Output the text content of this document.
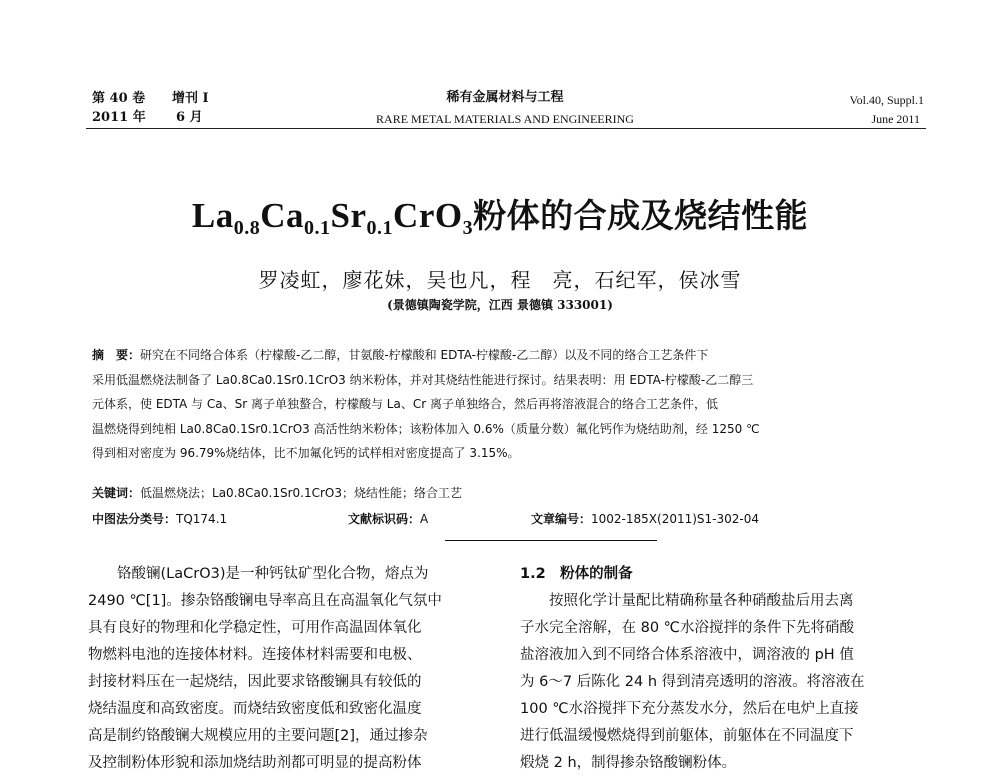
第 40 卷 增刊 I
2011 年 6 月
稀有金属材料与工程
RARE METAL MATERIALS AND ENGINEERING
Vol.40, Suppl.1
June 2011
$La_{0.8}Ca_{0.1}Sr_{0.1}CrO_3$粉体的合成及烧结性能
罗凌虹，廖花妹，吴也凡，程　亮，石纪军，侯冰雪
(景德镇陶瓷学院，江西 景德镇 333001)

摘　要：研究在不同络合体系（柠檬酸-乙二醇，甘氨酸-柠檬酸和 EDTA-柠檬酸-乙二醇）以及不同的络合工艺条件下

采用低温燃烧法制备了 La0.8Ca0.1Sr0.1CrO3 纳米粉体，并对其烧结性能进行探讨。结果表明：用 EDTA-柠檬酸-乙二醇三

元体系，使 EDTA 与 Ca、Sr 离子单独螯合，柠檬酸与 La、Cr 离子单独络合，然后再将溶液混合的络合工艺条件，低

温燃烧得到纯相 La0.8Ca0.1Sr0.1CrO3 高活性纳米粉体；该粉体加入 0.6%（质量分数）氟化钙作为烧结助剂，经 1250 ℃

得到相对密度为 96.79%烧结体，比不加氟化钙的试样相对密度提高了 3.15%。

关键词：低温燃烧法；La0.8Ca0.1Sr0.1CrO3；烧结性能；络合工艺
中图法分类号：TQ174.1	文献标识码：A	文章编号：1002-185X(2011)S1-302-04

　　铬酸镧(LaCrO3)是一种钙钛矿型化合物，熔点为

2490 ℃[1]。掺杂铬酸镧电导率高且在高温氧化气氛中

具有良好的物理和化学稳定性，可用作高温固体氧化

物燃料电池的连接体材料。连接体材料需要和电极、

封接材料压在一起烧结，因此要求铬酸镧具有较低的

烧结温度和高致密度。而烧结致密度低和致密化温度

高是制约铬酸镧大规模应用的主要问题[2]，通过掺杂

及控制粉体形貌和添加烧结助剂都可明显的提高粉体

1.2　粉体的制备

　　按照化学计量配比精确称量各种硝酸盐后用去离

子水完全溶解，在 80 ℃水浴搅拌的条件下先将硝酸

盐溶液加入到不同络合体系溶液中，调溶液的 pH 值

为 6～7 后陈化 24 h 得到清亮透明的溶液。将溶液在

100 ℃水浴搅拌下充分蒸发水分，然后在电炉上直接

进行低温缓慢燃烧得到前躯体，前躯体在不同温度下

煅烧 2 h，制得掺杂铬酸镧粉体。
